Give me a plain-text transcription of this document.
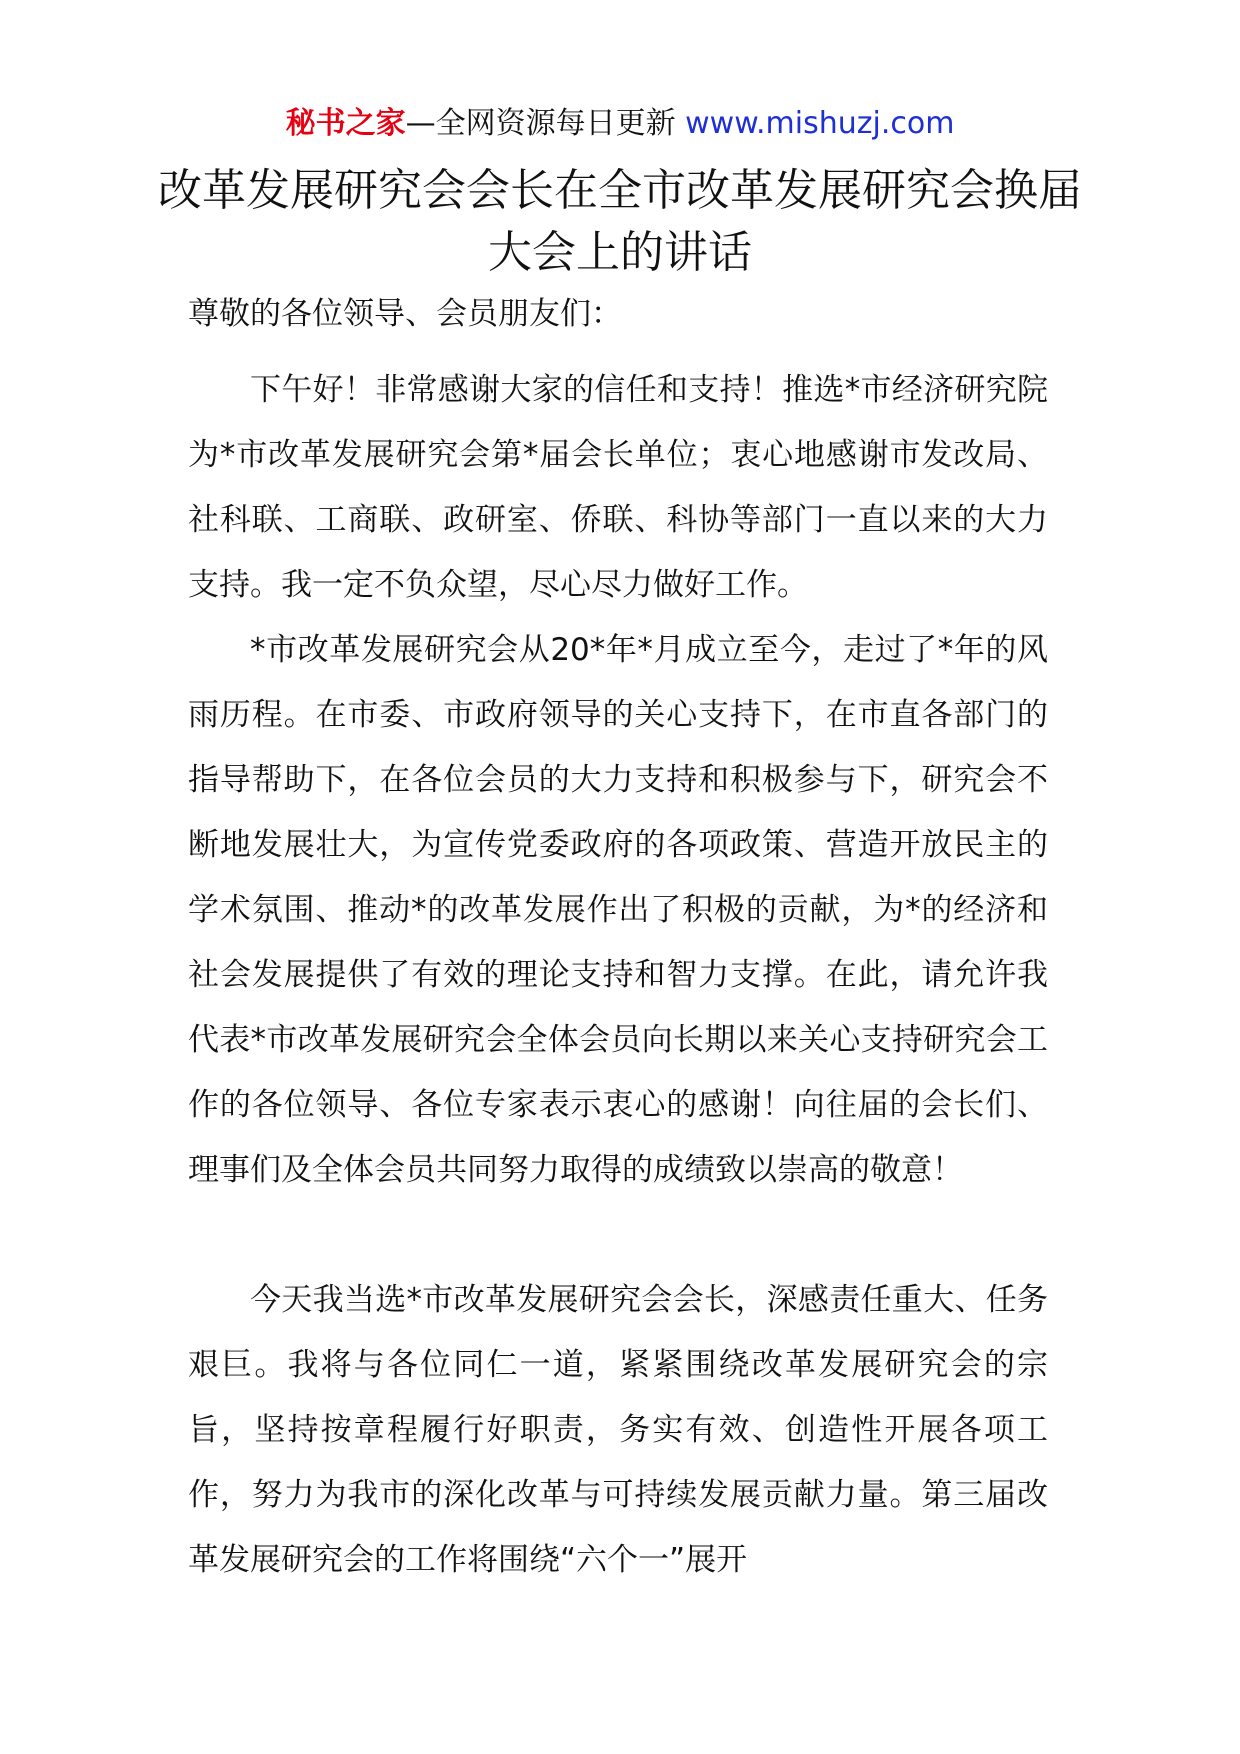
秘书之家—全网资源每日更新 www.mishuzj.com
改革发展研究会会长在全市改革发展研究会换届大会上的讲话
尊敬的各位领导、会员朋友们：

下午好！非常感谢大家的信任和支持！推选*市经济研究院为*市改革发展研究会第*届会长单位；衷心地感谢市发改局、社科联、工商联、政研室、侨联、科协等部门一直以来的大力支持。我一定不负众望，尽心尽力做好工作。

*市改革发展研究会从20*年*月成立至今，走过了*年的风雨历程。在市委、市政府领导的关心支持下，在市直各部门的指导帮助下，在各位会员的大力支持和积极参与下，研究会不断地发展壮大，为宣传党委政府的各项政策、营造开放民主的学术氛围、推动*的改革发展作出了积极的贡献，为*的经济和社会发展提供了有效的理论支持和智力支撑。在此，请允许我代表*市改革发展研究会全体会员向长期以来关心支持研究会工作的各位领导、各位专家表示衷心的感谢！向往届的会长们、理事们及全体会员共同努力取得的成绩致以崇高的敬意！

今天我当选*市改革发展研究会会长，深感责任重大、任务艰巨。我将与各位同仁一道，紧紧围绕改革发展研究会的宗旨，坚持按章程履行好职责，务实有效、创造性开展各项工作，努力为我市的深化改革与可持续发展贡献力量。第三届改革发展研究会的工作将围绕“六个一”展开
